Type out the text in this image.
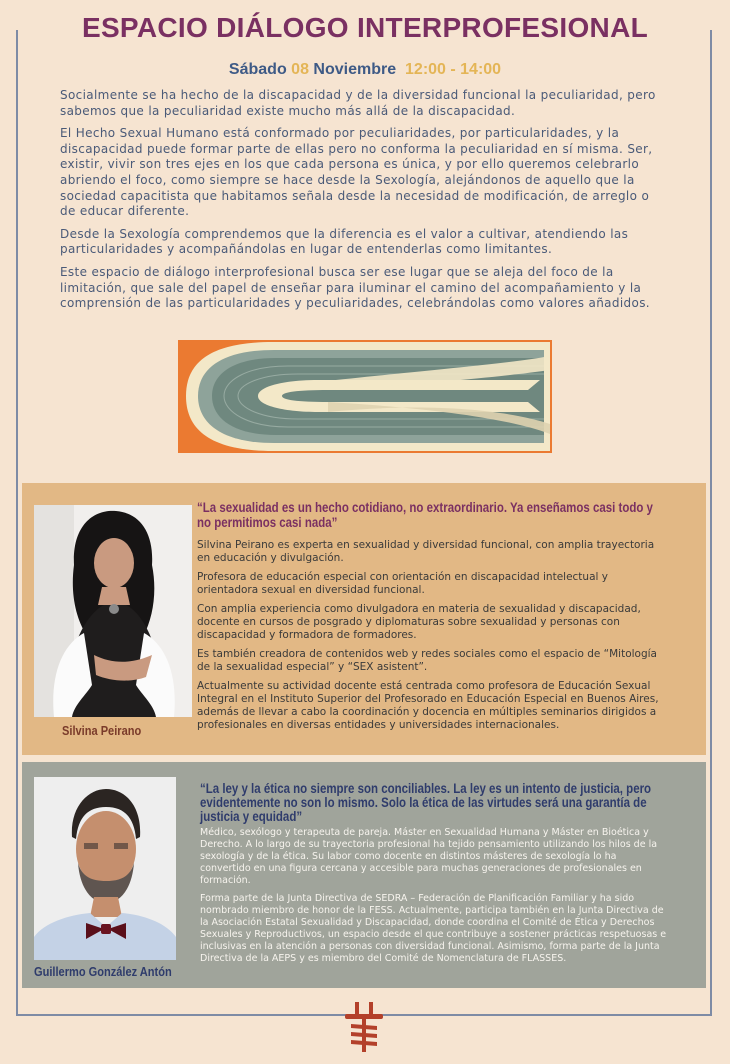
ESPACIO DIÁLOGO INTERPROFESIONAL
Sábado 08 Noviembre 12:00 - 14:00

Socialmente se ha hecho de la discapacidad y de la diversidad funcional la peculiaridad, pero sabemos que la peculiaridad existe mucho más allá de la discapacidad.

El Hecho Sexual Humano está conformado por peculiaridades, por particularidades, y la discapacidad puede formar parte de ellas pero no conforma la peculiaridad en sí misma. Ser, existir, vivir son tres ejes en los que cada persona es única, y por ello queremos celebrarlo abriendo el foco, como siempre se hace desde la Sexología, alejándonos de aquello que la sociedad capacitista que habitamos señala desde la necesidad de modificación, de arreglo o de educar diferente.

Desde la Sexología comprendemos que la diferencia es el valor a cultivar, atendiendo las particularidades y acompañándolas en lugar de entenderlas como limitantes.

Este espacio de diálogo interprofesional busca ser ese lugar que se aleja del foco de la limitación, que sale del papel de enseñar para iluminar el camino del acompañamiento y la comprensión de las particularidades y peculiaridades, celebrándolas como valores añadidos.

Silvina Peirano
“La sexualidad es un hecho cotidiano, no extraordinario. Ya enseñamos casi todo y no permitimos casi nada”

Silvina Peirano es experta en sexualidad y diversidad funcional, con amplia trayectoria en educación y divulgación.

Profesora de educación especial con orientación en discapacidad intelectual y orientadora sexual en diversidad funcional.

Con amplia experiencia como divulgadora en materia de sexualidad y discapacidad, docente en cursos de posgrado y diplomaturas sobre sexualidad y personas con discapacidad y formadora de formadores.

Es también creadora de contenidos web y redes sociales como el espacio de “Mitología de la sexualidad especial” y “SEX asistent”.

Actualmente su actividad docente está centrada como profesora de Educación Sexual Integral en el Instituto Superior del Profesorado en Educación Especial en Buenos Aires, además de llevar a cabo la coordinación y docencia en múltiples seminarios dirigidos a profesionales en diversas entidades y universidades internacionales.

Guillermo González Antón
“La ley y la ética no siempre son conciliables. La ley es un intento de justicia, pero evidentemente no son lo mismo. Solo la ética de las virtudes será una garantía de justicia y equidad”

Médico, sexólogo y terapeuta de pareja. Máster en Sexualidad Humana y Máster en Bioética y Derecho. A lo largo de su trayectoria profesional ha tejido pensamiento utilizando los hilos de la sexología y de la ética. Su labor como docente en distintos másteres de sexología lo ha convertido en una figura cercana y accesible para muchas generaciones de profesionales en formación.

Forma parte de la Junta Directiva de SEDRA – Federación de Planificación Familiar y ha sido nombrado miembro de honor de la FESS. Actualmente, participa también en la Junta Directiva de la Asociación Estatal Sexualidad y Discapacidad, donde coordina el Comité de Ética y Derechos Sexuales y Reproductivos, un espacio desde el que contribuye a sostener prácticas respetuosas e inclusivas en la atención a personas con diversidad funcional. Asimismo, forma parte de la Junta Directiva de la AEPS y es miembro del Comité de Nomenclatura de FLASSES.
